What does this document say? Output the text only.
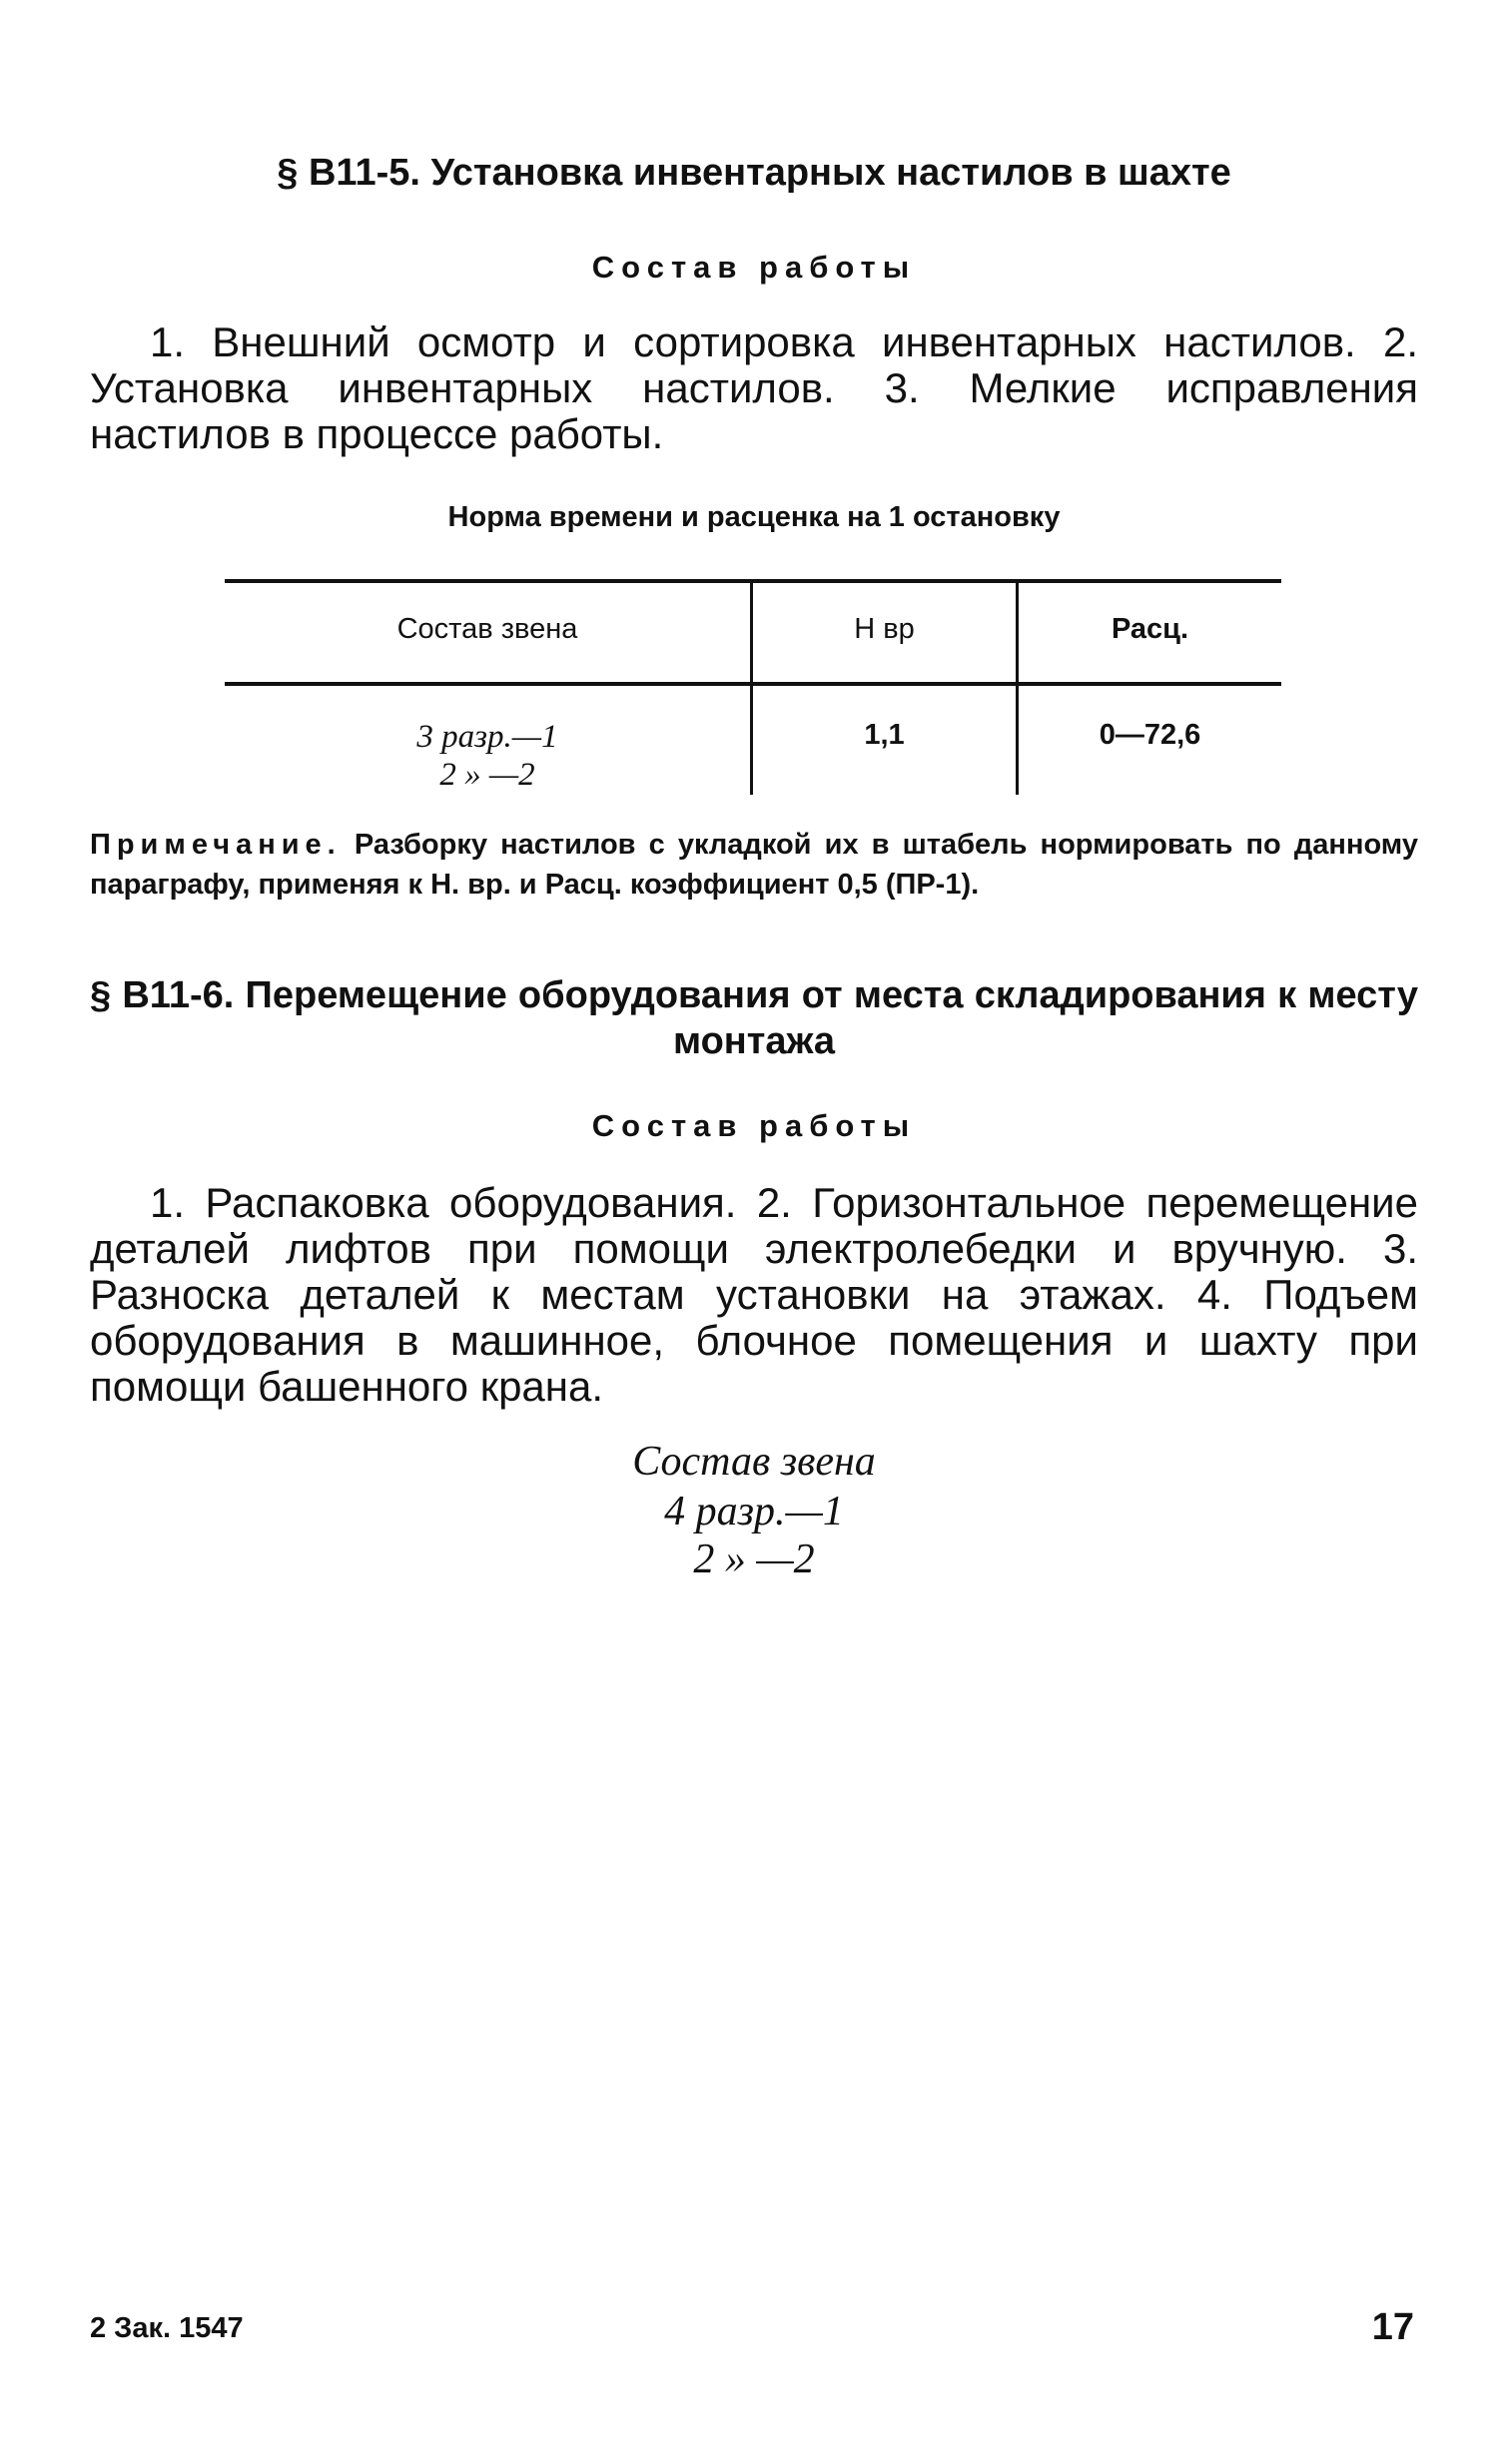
§ В11-5. Установка инвентарных настилов в шахте
Состав работы
1. Внешний осмотр и сортировка инвентарных настилов. 2. Установка инвентарных настилов. 3. Мелкие исправления настилов в процессе работы.
Норма времени и расценка на 1 остановку
Состав звена	Н вр	Расц.
3 разр.—1
2 » —2
1,1	0—72,6
Примечание. Разборку настилов с укладкой их в штабель нормировать по данному параграфу, применяя к Н. вр. и Расц. коэффициент 0,5 (ПР-1).
§ В11-6. Перемещение оборудования от места складирования к месту монтажа
Состав работы
1. Распаковка оборудования. 2. Горизонтальное перемещение деталей лифтов при помощи электролебедки и вручную. 3. Разноска деталей к местам установки на этажах. 4. Подъем оборудования в машинное, блочное помещения и шахту при помощи башенного крана.
Состав звена
4 разр.—1
2 » —2
2 Зак. 1547	17
